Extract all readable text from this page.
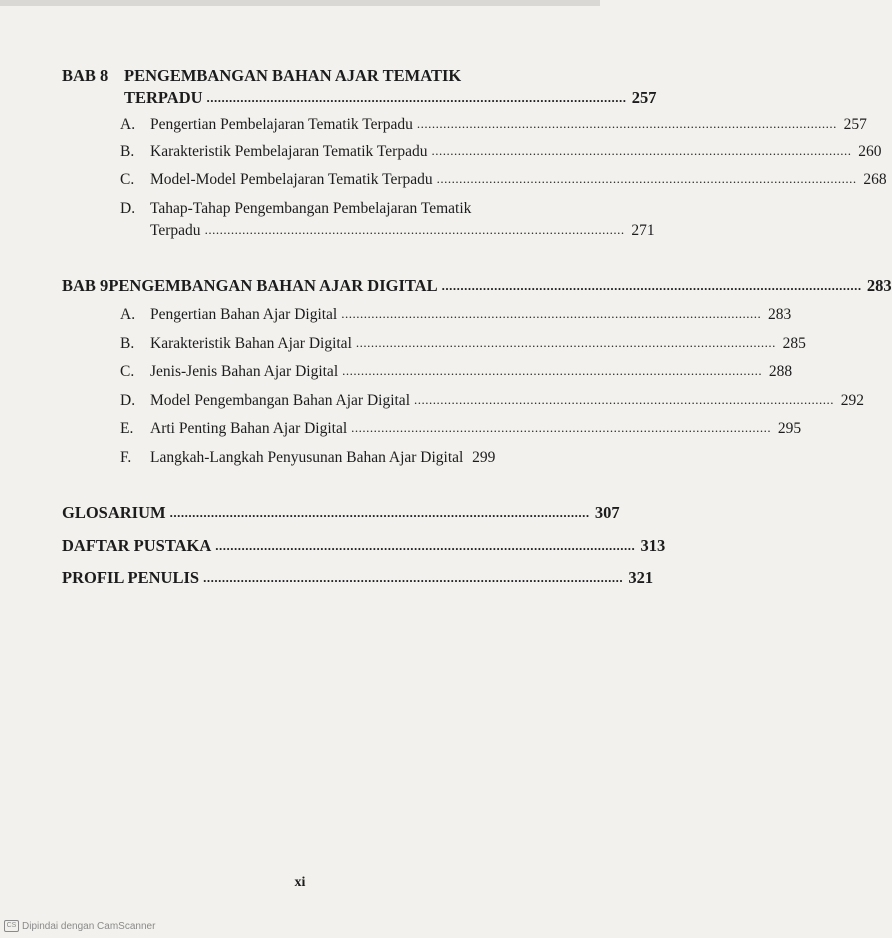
BAB 8 PENGEMBANGAN BAHAN AJAR TEMATIK
TERPADU ................................................................................................................ 257
A. Pengertian Pembelajaran Tematik Terpadu ................................................................................................................ 257
B.	Karakteristik Pembelajaran Tematik Terpadu ................................................................................................................ 260
C.	Model-Model Pembelajaran Tematik Terpadu ................................................................................................................ 268
D. Tahap-Tahap Pengembangan Pembelajaran Tematik
Terpadu ................................................................................................................ 271
BAB 9 PENGEMBANGAN BAHAN AJAR DIGITAL ................................................................................................................ 283
A. Pengertian Bahan Ajar Digital ................................................................................................................ 283
B.	Karakteristik Bahan Ajar Digital ................................................................................................................ 285
C.	Jenis-Jenis Bahan Ajar Digital ................................................................................................................ 288
D. Model Pengembangan Bahan Ajar Digital ................................................................................................................ 292
E.	Arti Penting Bahan Ajar Digital ................................................................................................................ 295
F.	Langkah-Langkah Penyusunan Bahan Ajar Digital 299
GLOSARIUM ................................................................................................................ 307
DAFTAR PUSTAKA ................................................................................................................ 313
PROFIL PENULIS ................................................................................................................ 321
xi
CS Dipindai dengan CamScanner
